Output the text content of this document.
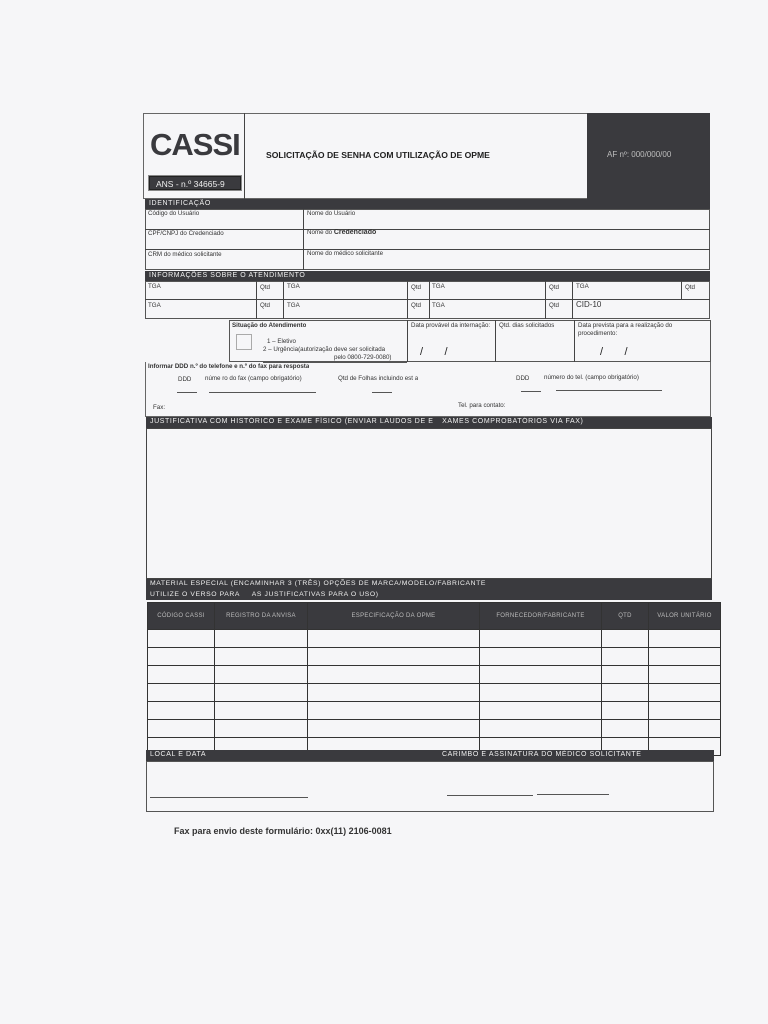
CASSI
ANS - n.º 34665-9
SOLICITAÇÃO DE SENHA COM UTILIZAÇÃO DE OPME	AF nº: 000/000/00
IDENTIFICAÇÃO
Código do Usuário	Nome do Usuário
CPF/CNPJ do Credenciado	Nome do Credenciado
CRM do médico solicitante	Nome do médico solicitante
INFORMAÇÕES SOBRE O ATENDIMENTO
TGA	Qtd	TGA	Qtd TGA	Qtd	TGA	Qtd
TGA	Qtd	TGA	Qtd TGA	Qtd CID-10
Situação do Atendimento
1 – Eletivo
2 – Urgência(autorização deve ser solicitada
pelo 0800-729-0080)
Data provável da internação:
/       /
Qtd. dias solicitados	Data prevista para a realização do procedimento:
/       /
Informar DDD n.º do telefone e n.º do fax para resposta
DDD núme ro do fax (campo obrigatório)	Qtd de Folhas incluindo est a	DDD número do tel. (campo obrigatório)
Fax:	Tel. para contato:
JUSTIFICATIVA COM HISTÓRICO E EXAME FÍSICO (ENVIAR LAUDOS DE E XAMES COMPROBATÓRIOS VIA FAX)
MATERIAL ESPECIAL (ENCAMINHAR 3 (TRÊS) OPÇÕES DE MARCA/MODELO/FABRICANTE
UTILIZE O VERSO PARA     AS JUSTIFICATIVAS PARA O USO)
CÓDIGO CASSI	REGISTRO DA ANVISA	ESPECIFICAÇÃO DA OPME	FORNECEDOR/FABRICANTE	QTD	VALOR UNITÁRIO

LOCAL E DATA	CARIMBO E ASSINATURA DO MÉDICO SOLICITANTE
Fax para envio deste formulário: 0xx(11) 2106-0081
